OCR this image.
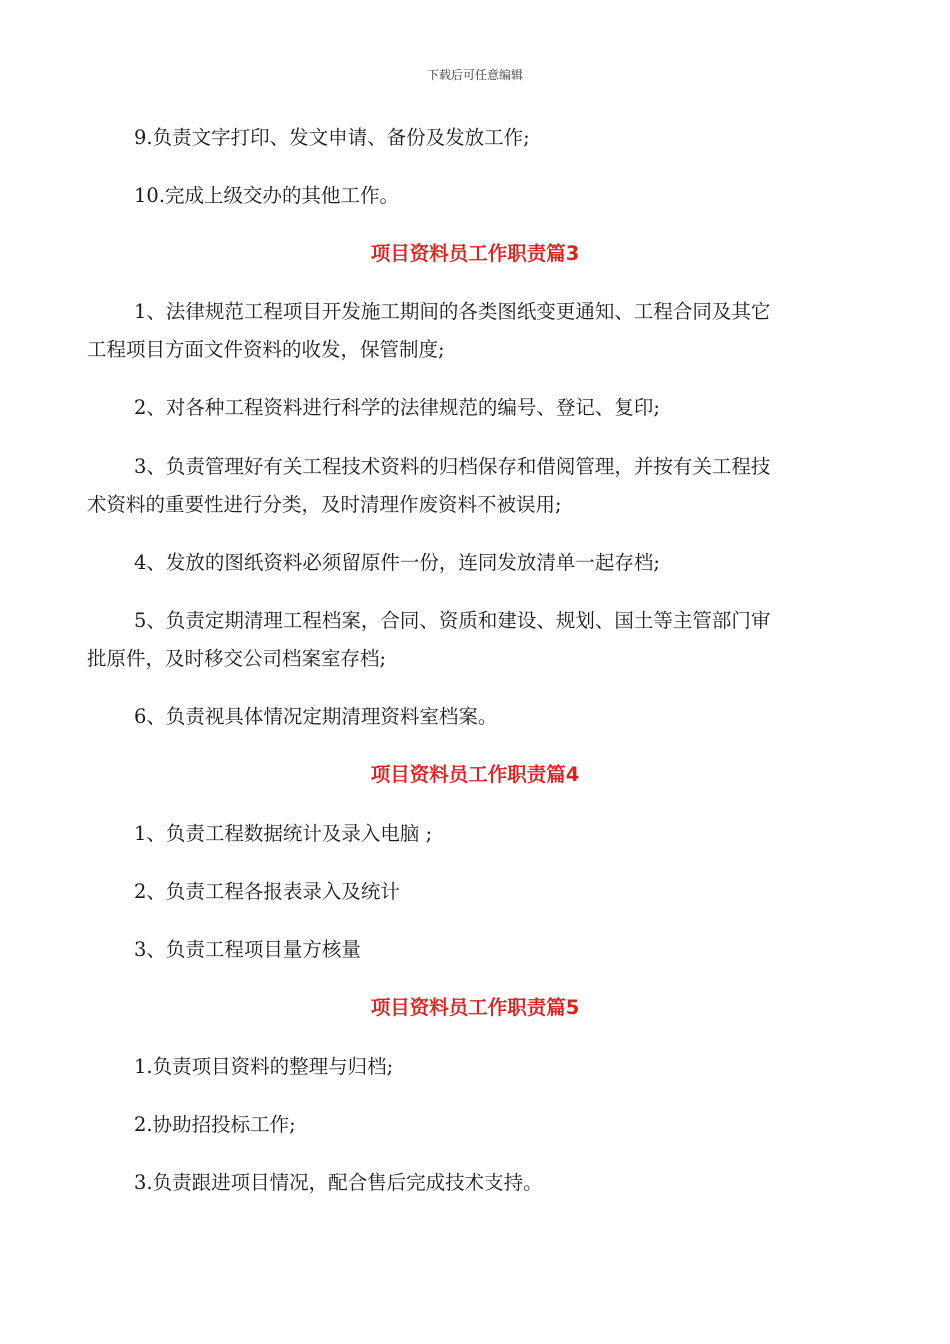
下载后可任意编辑
9.负责文字打印、发文申请、备份及发放工作;
10.完成上级交办的其他工作。
项目资料员工作职责篇3
1、法律规范工程项目开发施工期间的各类图纸变更通知、工程合同及其它
工程项目方面文件资料的收发，保管制度;
2、对各种工程资料进行科学的法律规范的编号、登记、复印;
3、负责管理好有关工程技术资料的归档保存和借阅管理，并按有关工程技
术资料的重要性进行分类，及时清理作废资料不被误用;
4、发放的图纸资料必须留原件一份，连同发放清单一起存档;
5、负责定期清理工程档案，合同、资质和建设、规划、国土等主管部门审
批原件，及时移交公司档案室存档;
6、负责视具体情况定期清理资料室档案。
项目资料员工作职责篇4
1、负责工程数据统计及录入电脑 ;
2、负责工程各报表录入及统计
3、负责工程项目量方核量
项目资料员工作职责篇5
1.负责项目资料的整理与归档;
2.协助招投标工作;
3.负责跟进项目情况，配合售后完成技术支持。
